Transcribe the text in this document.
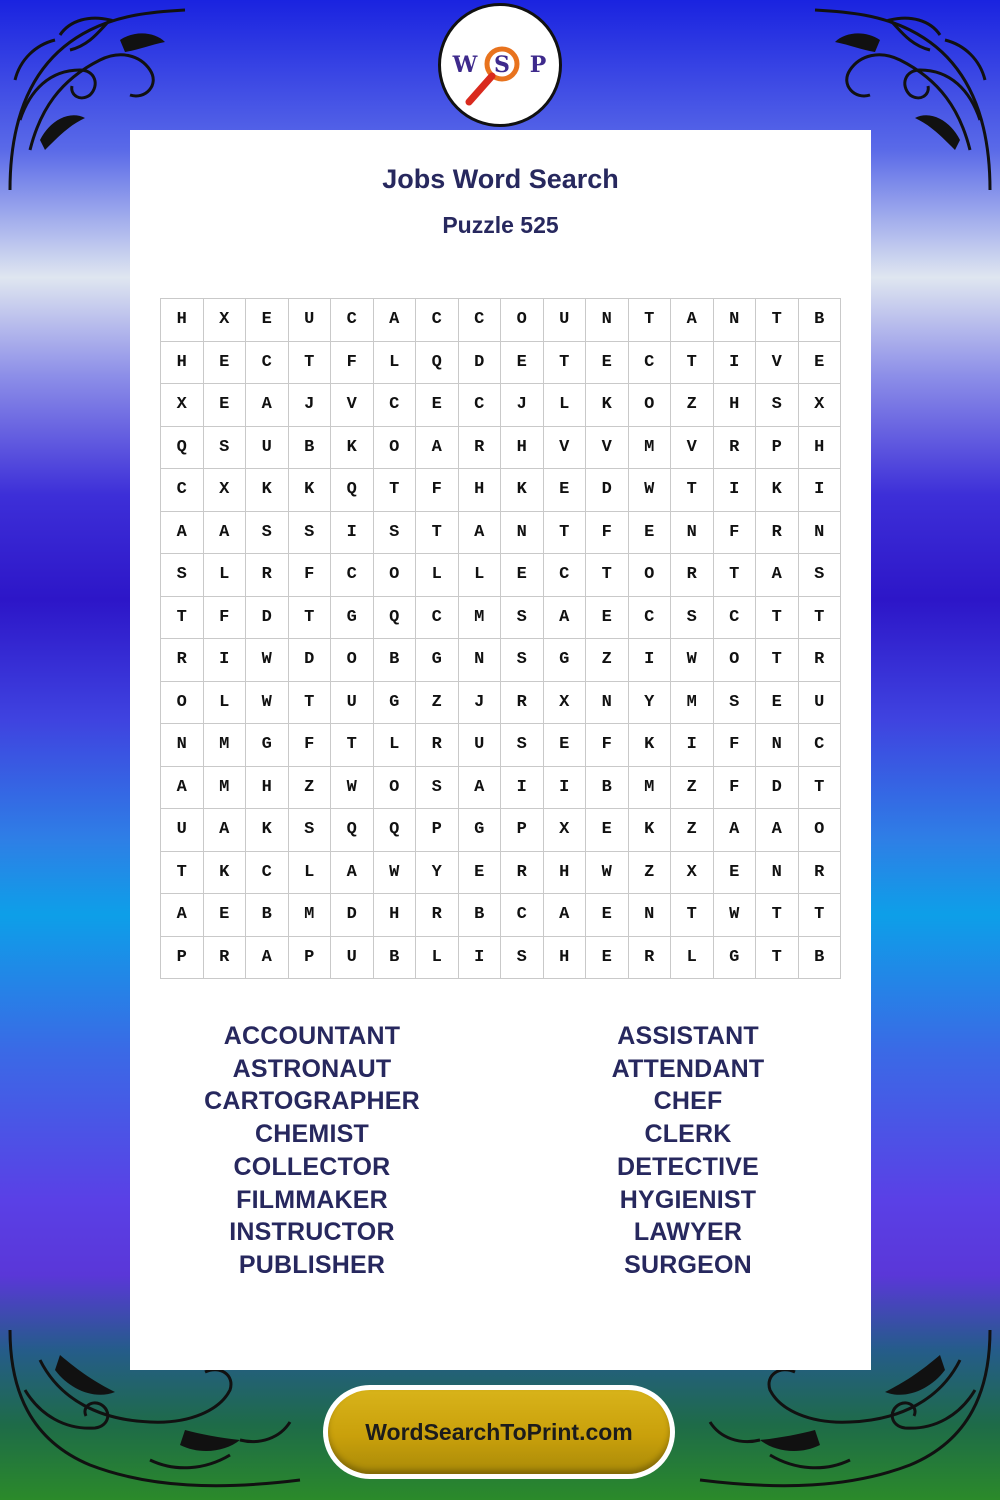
W S P
Jobs Word Search
Puzzle 525
H	X	E	U	C	A	C	C	O	U	N	T	A	N	T	B
H	E	C	T	F	L	Q	D	E	T	E	C	T	I	V	E
X	E	A	J	V	C	E	C	J	L	K	O	Z	H	S	X
Q	S	U	B	K	O	A	R	H	V	V	M	V	R	P	H
C	X	K	K	Q	T	F	H	K	E	D	W	T	I	K	I
A	A	S	S	I	S	T	A	N	T	F	E	N	F	R	N
S	L	R	F	C	O	L	L	E	C	T	O	R	T	A	S
T	F	D	T	G	Q	C	M	S	A	E	C	S	C	T	T
R	I	W	D	O	B	G	N	S	G	Z	I	W	O	T	R
O	L	W	T	U	G	Z	J	R	X	N	Y	M	S	E	U
N	M	G	F	T	L	R	U	S	E	F	K	I	F	N	C
A	M	H	Z	W	O	S	A	I	I	B	M	Z	F	D	T
U	A	K	S	Q	Q	P	G	P	X	E	K	Z	A	A	O
T	K	C	L	A	W	Y	E	R	H	W	Z	X	E	N	R
A	E	B	M	D	H	R	B	C	A	E	N	T	W	T	T
P	R	A	P	U	B	L	I	S	H	E	R	L	G	T	B
ACCOUNTANT
ASTRONAUT
CARTOGRAPHER
CHEMIST
COLLECTOR
FILMMAKER
INSTRUCTOR
PUBLISHER
ASSISTANT
ATTENDANT
CHEF
CLERK
DETECTIVE
HYGIENIST
LAWYER
SURGEON
WordSearchToPrint.com
